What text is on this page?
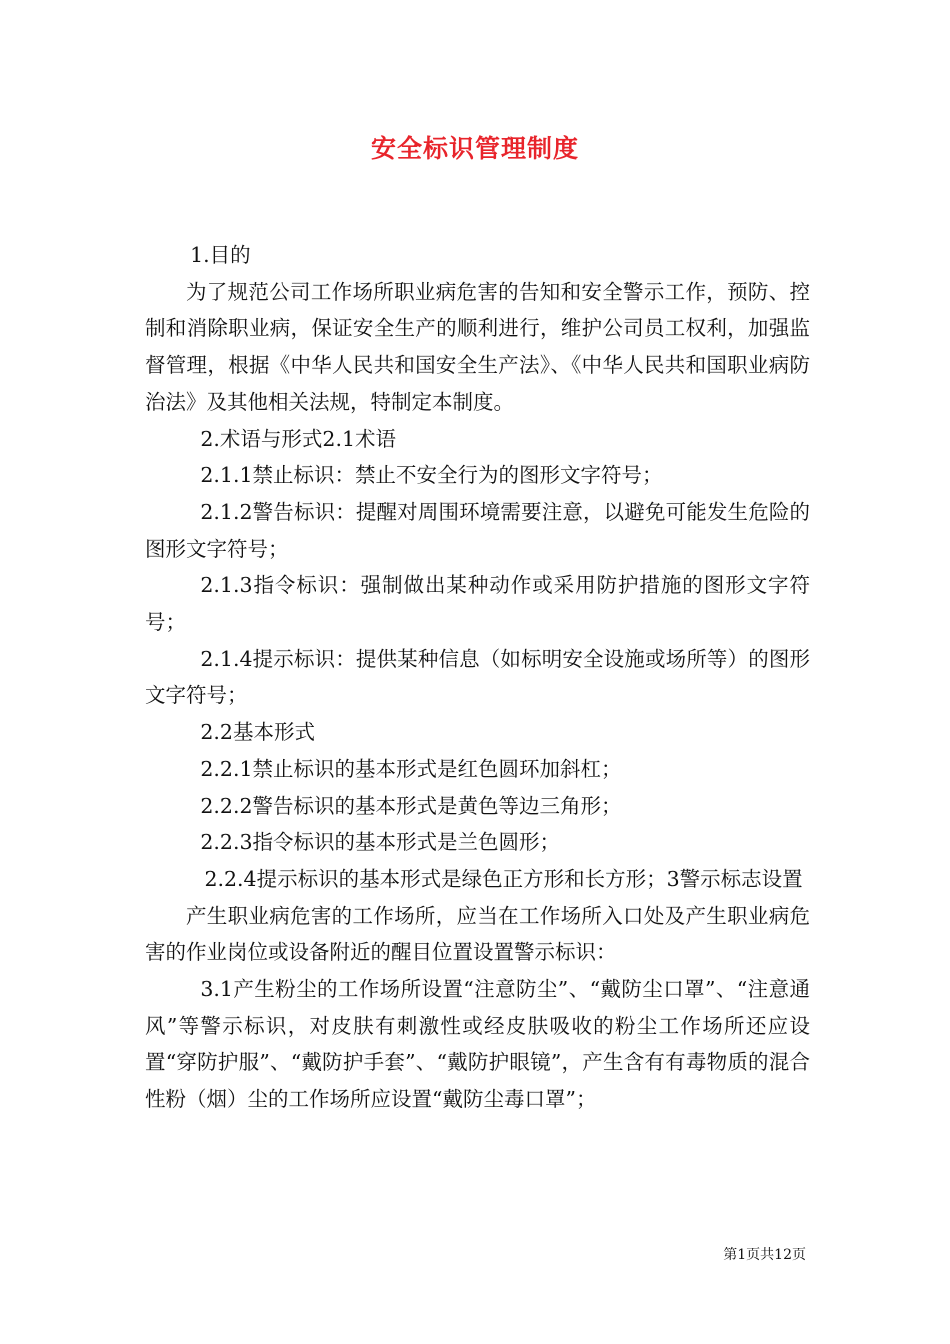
安全标识管理制度

1.目的

为了规范公司工作场所职业病危害的告知和安全警示工作，预防、控制和消除职业病，保证安全生产的顺利进行，维护公司员工权利，加强监督管理，根据《中华人民共和国安全生产法》、《中华人民共和国职业病防治法》及其他相关法规，特制定本制度。

2.术语与形式2.1术语

2.1.1禁止标识：禁止不安全行为的图形文字符号；

2.1.2警告标识：提醒对周围环境需要注意，以避免可能发生危险的图形文字符号；

2.1.3指令标识：强制做出某种动作或采用防护措施的图形文字符号；

2.1.4提示标识：提供某种信息（如标明安全设施或场所等）的图形文字符号；

2.2基本形式

2.2.1禁止标识的基本形式是红色圆环加斜杠；

2.2.2警告标识的基本形式是黄色等边三角形；

2.2.3指令标识的基本形式是兰色圆形；

2.2.4提示标识的基本形式是绿色正方形和长方形；3警示标志设置

产生职业病危害的工作场所，应当在工作场所入口处及产生职业病危害的作业岗位或设备附近的醒目位置设置警示标识：

3.1产生粉尘的工作场所设置“注意防尘”、“戴防尘口罩”、“注意通风”等警示标识，对皮肤有刺激性或经皮肤吸收的粉尘工作场所还应设置“穿防护服”、“戴防护手套”、“戴防护眼镜”，产生含有有毒物质的混合性粉（烟）尘的工作场所应设置“戴防尘毒口罩”；

第1页共12页
